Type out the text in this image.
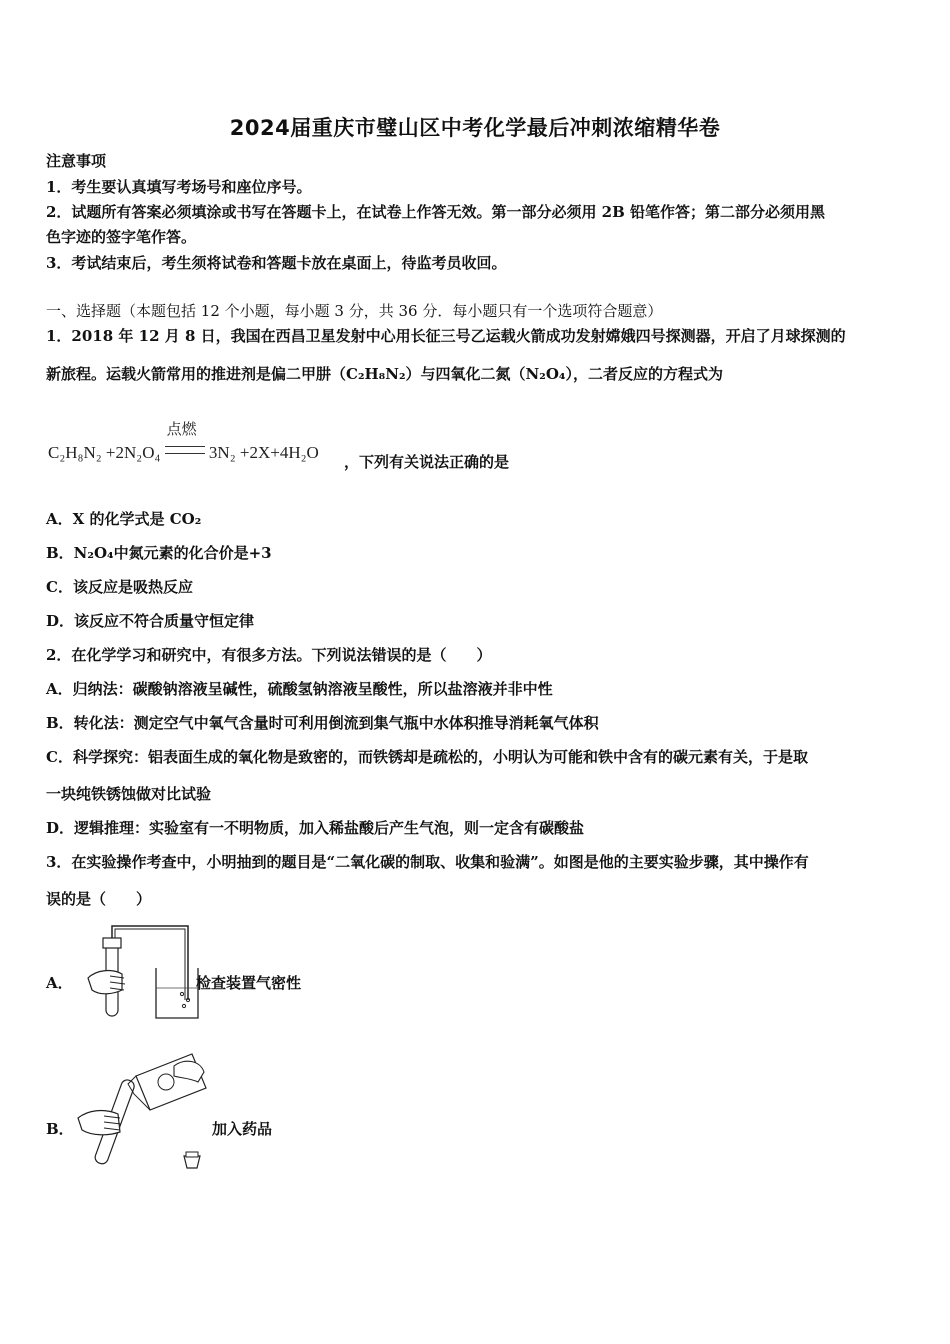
2024届重庆市璧山区中考化学最后冲刺浓缩精华卷
注意事项
1．考生要认真填写考场号和座位序号。
2．试题所有答案必须填涂或书写在答题卡上，在试卷上作答无效。第一部分必须用 2B 铅笔作答；第二部分必须用黑
色字迹的签字笔作答。
3．考试结束后，考生须将试卷和答题卡放在桌面上，待监考员收回。
一、选择题（本题包括 12 个小题，每小题 3 分，共 36 分．每小题只有一个选项符合题意）
1．2018 年 12 月 8 日，我国在西昌卫星发射中心用长征三号乙运载火箭成功发射嫦娥四号探测器，开启了月球探测的
新旅程。运载火箭常用的推进剂是偏二甲肼（C₂H₈N₂）与四氧化二氮（N₂O₄），二者反应的方程式为
C₂H₈N₂ +2N₂O₄
点燃
3N₂ +2X+4H₂O ，下列有关说法正确的是
A．X 的化学式是 CO₂
B．N₂O₄中氮元素的化合价是+3
C．该反应是吸热反应
D．该反应不符合质量守恒定律
2．在化学学习和研究中，有很多方法。下列说法错误的是（　　）
A．归纳法：碳酸钠溶液呈碱性，硫酸氢钠溶液呈酸性，所以盐溶液并非中性
B．转化法：测定空气中氧气含量时可利用倒流到集气瓶中水体积推导消耗氧气体积
C．科学探究：铝表面生成的氧化物是致密的，而铁锈却是疏松的，小明认为可能和铁中含有的碳元素有关，于是取
一块纯铁锈蚀做对比试验
D．逻辑推理：实验室有一不明物质，加入稀盐酸后产生气泡，则一定含有碳酸盐
3．在实验操作考查中，小明抽到的题目是“二氧化碳的制取、收集和验满”。如图是他的主要实验步骤，其中操作有
误的是（　　）
A．	检查装置气密性
B．	加入药品
